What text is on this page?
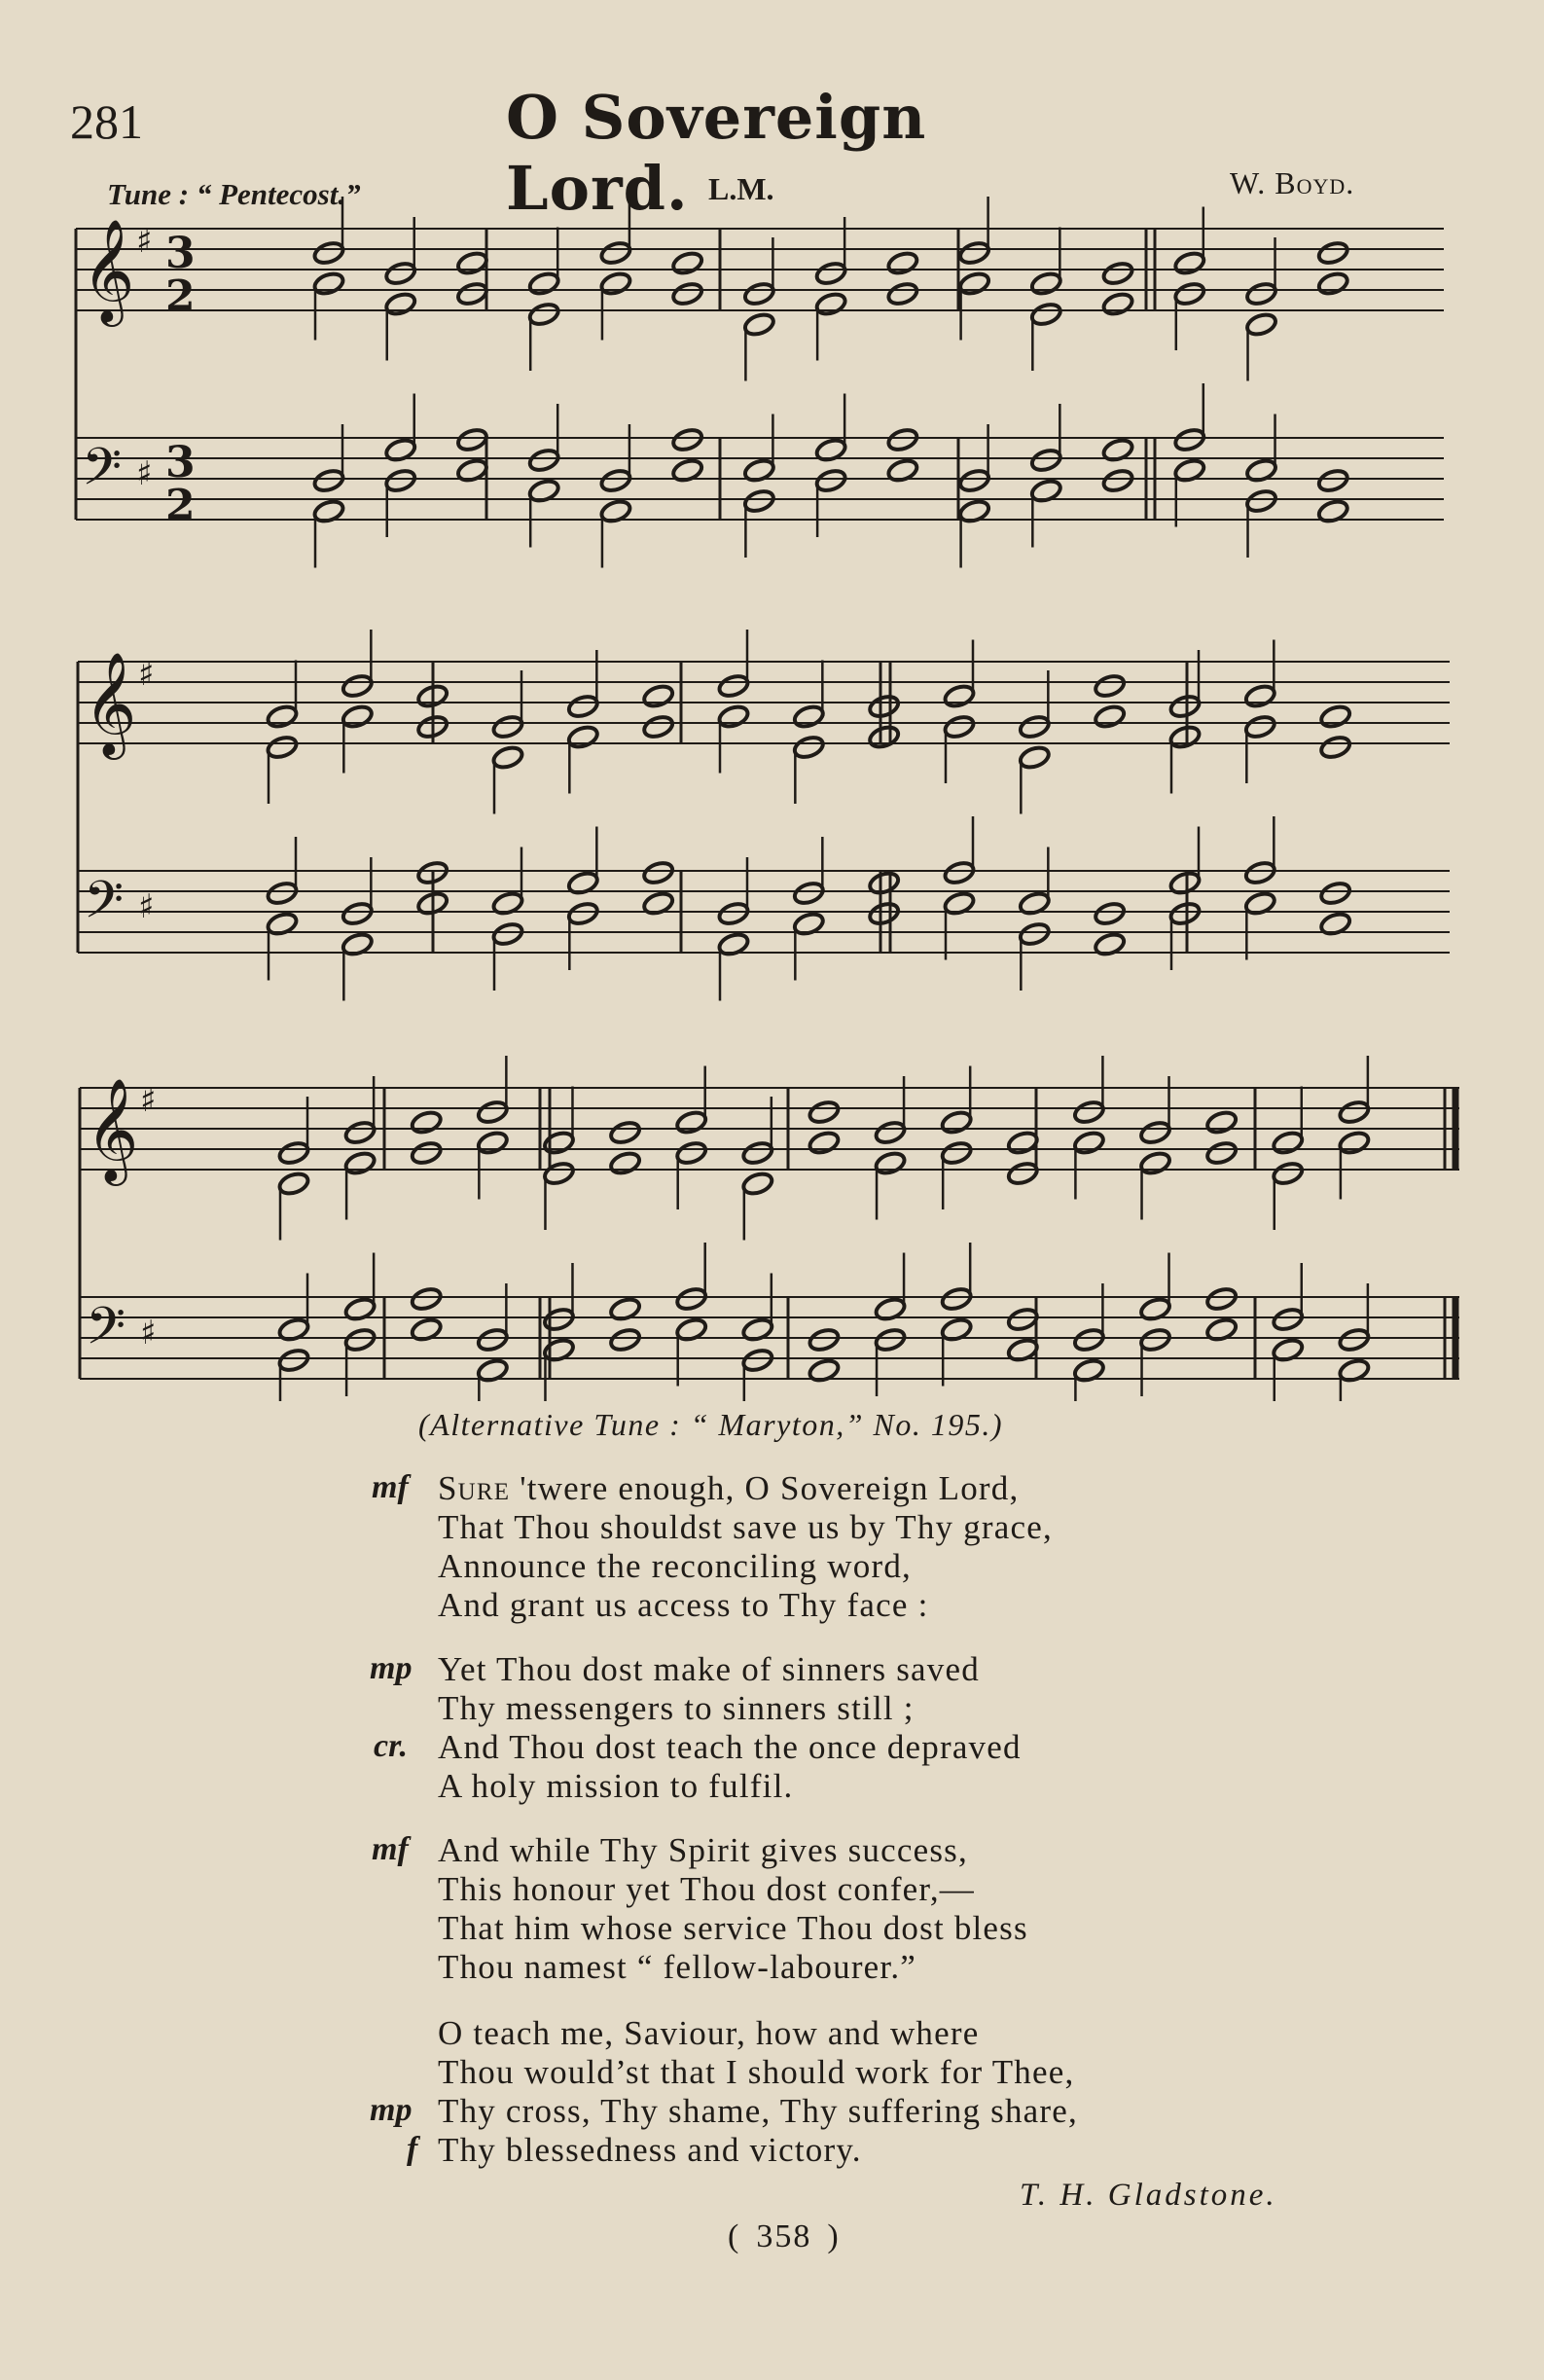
281	O Sovereign Lord.
Tune : “ Pentecost.”	L.M.	W. Boyd.
𝄞 ♯ 3
2
𝄢 ♯ 3
2
𝄞 ♯
𝄢 ♯
𝄞 ♯
𝄢 ♯
(Alternative Tune : “ Maryton,” No. 195.)
mf Sure 'twere enough, O Sovereign Lord,
That Thou shouldst save us by Thy grace,
Announce the reconciling word,
And grant us access to Thy face :
mp Yet Thou dost make of sinners saved
Thy messengers to sinners still ;
cr. And Thou dost teach the once depraved
A holy mission to fulfil.
mf And while Thy Spirit gives success,
This honour yet Thou dost confer,—
That him whose service Thou dost bless
Thou namest “ fellow-labourer.”
O teach me, Saviour, how and where
Thou would’st that I should work for Thee,
mp Thy cross, Thy shame, Thy suffering share,
f Thy blessedness and victory.
T. H. Gladstone.
( 358 )
